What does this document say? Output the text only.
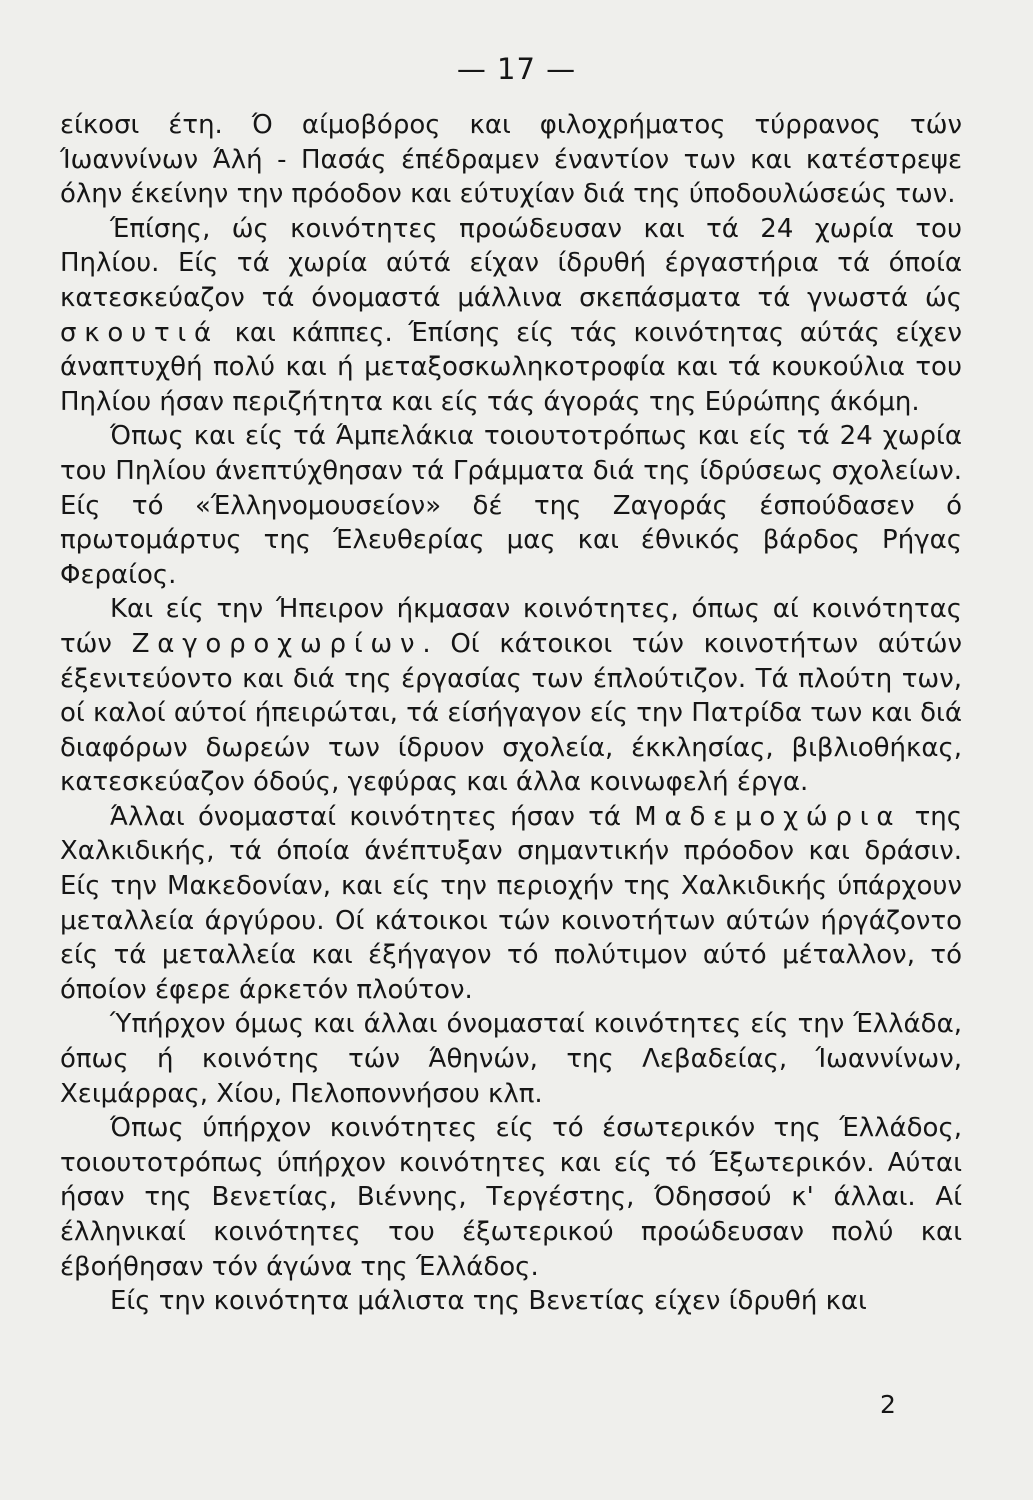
— 17 —

είκοσι έτη. Ό αίμοβόρος και φιλοχρήματος τύρρανος τών Ίωαννίνων Άλή - Πασάς έπέδραμεν έναντίον των και κατέστρεψε όλην έκείνην την πρόοδον και εύτυχίαν διά της ύποδουλώσεώς των.

Έπίσης, ώς κοινότητες προώδευσαν και τά 24 χωρία του Πηλίου. Είς τά χωρία αύτά είχαν ίδρυθή έργαστήρια τά όποία κατεσκεύαζον τά όνομαστά μάλλινα σκεπάσματα τά γνωστά ώς σκουτιά και κάππες. Έπίσης είς τάς κοινότητας αύτάς είχεν άναπτυχθή πολύ και ή μεταξοσκωληκοτροφία και τά κουκούλια του Πηλίου ήσαν περιζήτητα και είς τάς άγοράς της Εύρώπης άκόμη.

Όπως και είς τά Άμπελάκια τοιουτοτρόπως και είς τά 24 χωρία του Πηλίου άνεπτύχθησαν τά Γράμματα διά της ίδρύσεως σχολείων. Είς τό «Έλληνομουσείον» δέ της Ζαγοράς έσπούδασεν ό πρωτομάρτυς της Έλευθερίας μας και έθνικός βάρδος Ρήγας Φεραίος.

Και είς την Ήπειρον ήκμασαν κοινότητες, όπως αί κοινότητας τών Ζαγοροχωρίων. Οί κάτοικοι τών κοινοτήτων αύτών έξενιτεύοντο και διά της έργασίας των έπλούτιζον. Τά πλούτη των, οί καλοί αύτοί ήπειρώται, τά είσήγαγον είς την Πατρίδα των και διά διαφόρων δωρεών των ίδρυον σχολεία, έκκλησίας, βιβλιοθήκας, κατεσκεύαζον όδούς, γεφύρας και άλλα κοινωφελή έργα.

Άλλαι όνομασταί κοινότητες ήσαν τά Μαδεμοχώρια της Χαλκιδικής, τά όποία άνέπτυξαν σημαντικήν πρόοδον και δράσιν. Είς την Μακεδονίαν, και είς την περιοχήν της Χαλκιδικής ύπάρχουν μεταλλεία άργύρου. Οί κάτοικοι τών κοινοτήτων αύτών ήργάζοντο είς τά μεταλλεία και έξήγαγον τό πολύτιμον αύτό μέταλλον, τό όποίον έφερε άρκετόν πλούτον.

Ύπήρχον όμως και άλλαι όνομασταί κοινότητες είς την Έλλάδα, όπως ή κοινότης τών Άθηνών, της Λεβαδείας, Ίωαννίνων, Χειμάρρας, Χίου, Πελοποννήσου κλπ.

Όπως ύπήρχον κοινότητες είς τό έσωτερικόν της Έλλάδος, τοιουτοτρόπως ύπήρχον κοινότητες και είς τό Έξωτερικόν. Αύται ήσαν της Βενετίας, Βιέννης, Τεργέστης, Όδησσού κ' άλλαι. Αί έλληνικαί κοινότητες του έξωτερικού προώδευσαν πολύ και έβοήθησαν τόν άγώνα της Έλλάδος.

Είς την κοινότητα μάλιστα της Βενετίας είχεν ίδρυθή και

2
